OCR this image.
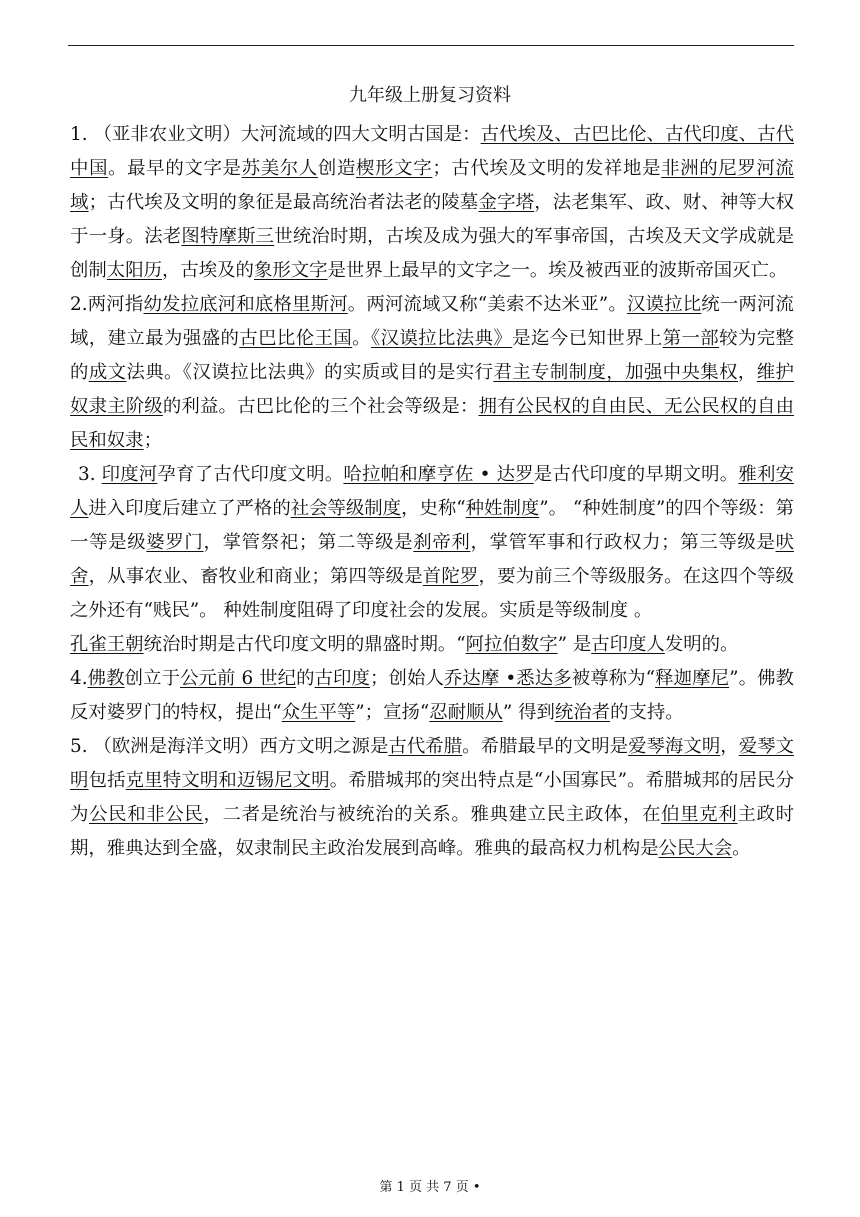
九年级上册复习资料

1. （亚非农业文明）大河流域的四大文明古国是：古代埃及、古巴比伦、古代印度、古代中国。最早的文字是苏美尔人创造楔形文字；古代埃及文明的发祥地是非洲的尼罗河流域；古代埃及文明的象征是最高统治者法老的陵墓金字塔，法老集军、政、财、神等大权于一身。法老图特摩斯三世统治时期，古埃及成为强大的军事帝国，古埃及天文学成就是创制太阳历，古埃及的象形文字是世界上最早的文字之一。埃及被西亚的波斯帝国灭亡。

2.两河指幼发拉底河和底格里斯河。两河流域又称“美索不达米亚”。汉谟拉比统一两河流域，建立最为强盛的古巴比伦王国。《汉谟拉比法典》是迄今已知世界上第一部较为完整的成文法典。《汉谟拉比法典》的实质或目的是实行君主专制制度，加强中央集权，维护奴隶主阶级的利益。古巴比伦的三个社会等级是：拥有公民权的自由民、无公民权的自由民和奴隶；

3. 印度河孕育了古代印度文明。哈拉帕和摩亨佐 • 达罗是古代印度的早期文明。雅利安人进入印度后建立了严格的社会等级制度，史称“种姓制度”。 “种姓制度”的四个等级：第一等是级婆罗门，掌管祭祀；第二等级是刹帝利，掌管军事和行政权力；第三等级是吠舍，从事农业、畜牧业和商业；第四等级是首陀罗，要为前三个等级服务。在这四个等级之外还有“贱民”。 种姓制度阻碍了印度社会的发展。实质是等级制度 。

孔雀王朝统治时期是古代印度文明的鼎盛时期。“阿拉伯数字” 是古印度人发明的。

4.佛教创立于公元前 6 世纪的古印度；创始人乔达摩 •悉达多被尊称为“释迦摩尼”。佛教反对婆罗门的特权，提出“众生平等”；宣扬“忍耐顺从” 得到统治者的支持。

5. （欧洲是海洋文明）西方文明之源是古代希腊。希腊最早的文明是爱琴海文明，爱琴文明包括克里特文明和迈锡尼文明。希腊城邦的突出特点是“小国寡民”。希腊城邦的居民分为公民和非公民，二者是统治与被统治的关系。雅典建立民主政体，在伯里克利主政时期，雅典达到全盛，奴隶制民主政治发展到高峰。雅典的最高权力机构是公民大会。

第 1 页 共 7 页 •
